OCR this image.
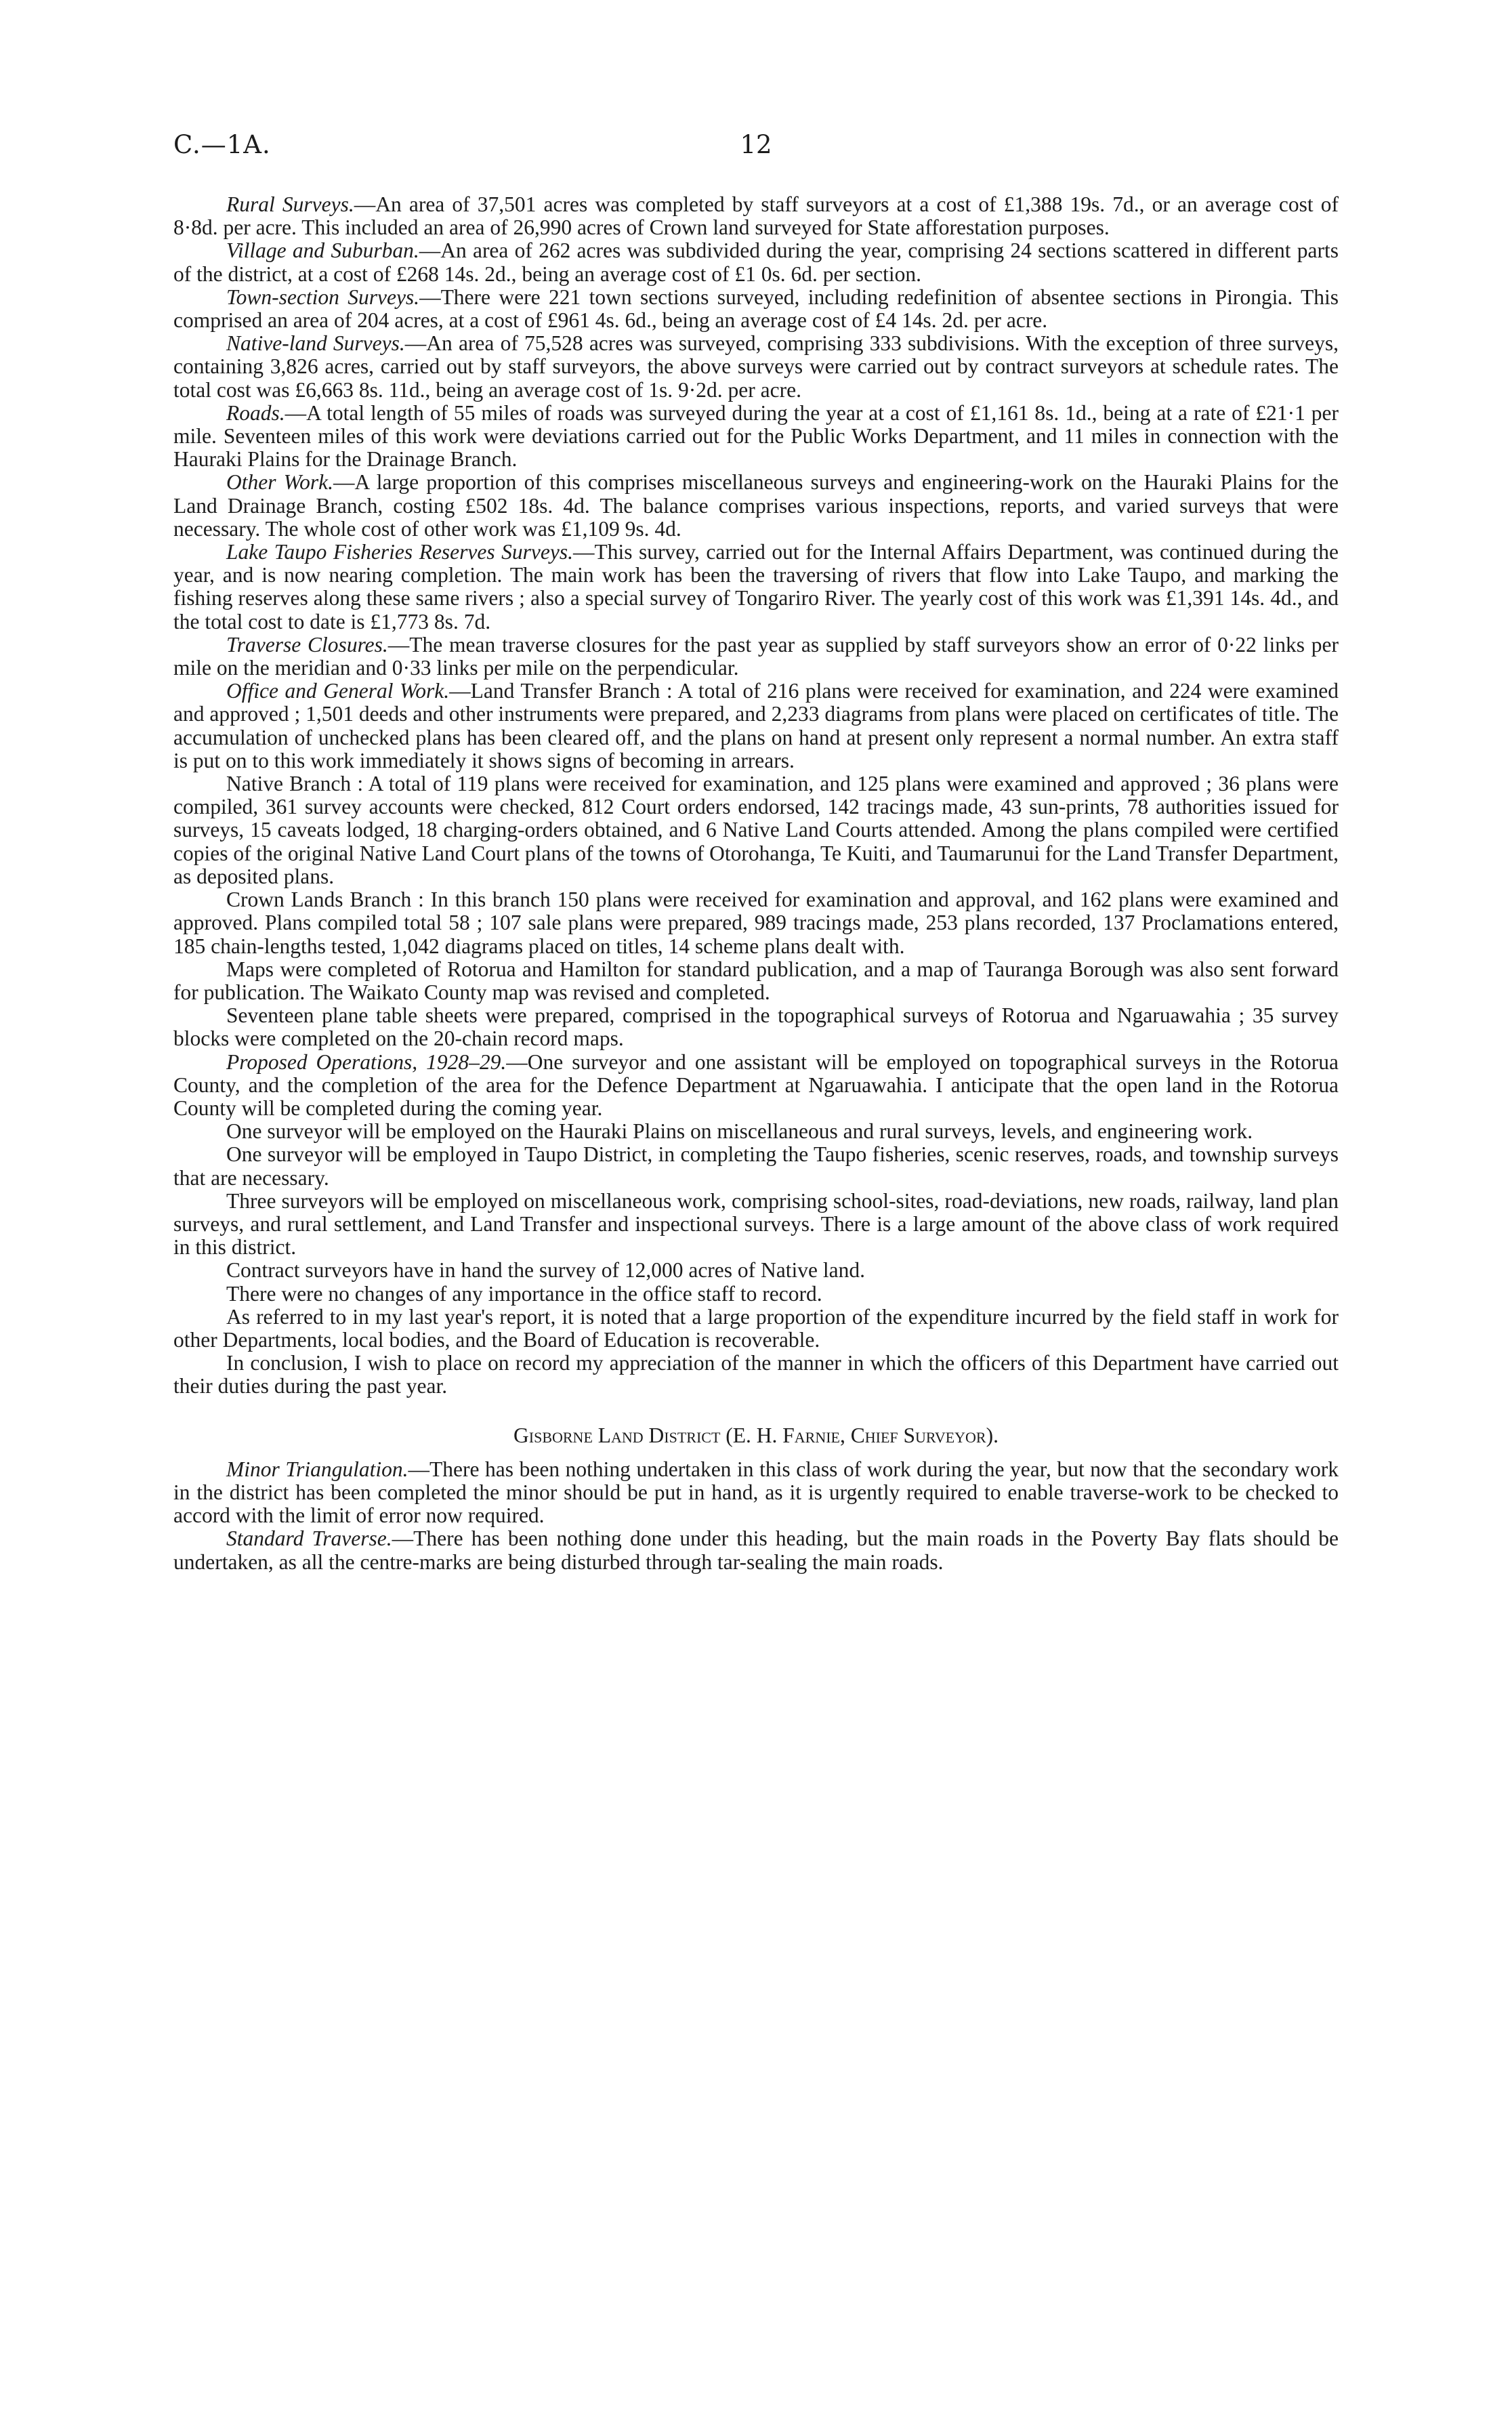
C.—1A.	12

Rural Surveys.—An area of 37,501 acres was completed by staff surveyors at a cost of £1,388 19s. 7d., or an average cost of 8·8d. per acre. This included an area of 26,990 acres of Crown land surveyed for State afforestation purposes.

Village and Suburban.—An area of 262 acres was subdivided during the year, comprising 24 sections scattered in different parts of the district, at a cost of £268 14s. 2d., being an average cost of £1 0s. 6d. per section.

Town-section Surveys.—There were 221 town sections surveyed, including redefinition of absentee sections in Pirongia. This comprised an area of 204 acres, at a cost of £961 4s. 6d., being an average cost of £4 14s. 2d. per acre.

Native-land Surveys.—An area of 75,528 acres was surveyed, comprising 333 subdivisions. With the exception of three surveys, containing 3,826 acres, carried out by staff surveyors, the above surveys were carried out by contract surveyors at schedule rates. The total cost was £6,663 8s. 11d., being an average cost of 1s. 9·2d. per acre.

Roads.—A total length of 55 miles of roads was surveyed during the year at a cost of £1,161 8s. 1d., being at a rate of £21·1 per mile. Seventeen miles of this work were deviations carried out for the Public Works Department, and 11 miles in connection with the Hauraki Plains for the Drainage Branch.

Other Work.—A large proportion of this comprises miscellaneous surveys and engineering-work on the Hauraki Plains for the Land Drainage Branch, costing £502 18s. 4d. The balance comprises various inspections, reports, and varied surveys that were necessary. The whole cost of other work was £1,109 9s. 4d.

Lake Taupo Fisheries Reserves Surveys.—This survey, carried out for the Internal Affairs Department, was continued during the year, and is now nearing completion. The main work has been the traversing of rivers that flow into Lake Taupo, and marking the fishing reserves along these same rivers ; also a special survey of Tongariro River. The yearly cost of this work was £1,391 14s. 4d., and the total cost to date is £1,773 8s. 7d.

Traverse Closures.—The mean traverse closures for the past year as supplied by staff surveyors show an error of 0·22 links per mile on the meridian and 0·33 links per mile on the perpendicular.

Office and General Work.—Land Transfer Branch : A total of 216 plans were received for examination, and 224 were examined and approved ; 1,501 deeds and other instruments were prepared, and 2,233 diagrams from plans were placed on certificates of title. The accumulation of unchecked plans has been cleared off, and the plans on hand at present only represent a normal number. An extra staff is put on to this work immediately it shows signs of becoming in arrears.

Native Branch : A total of 119 plans were received for examination, and 125 plans were examined and approved ; 36 plans were compiled, 361 survey accounts were checked, 812 Court orders endorsed, 142 tracings made, 43 sun-prints, 78 authorities issued for surveys, 15 caveats lodged, 18 charging-orders obtained, and 6 Native Land Courts attended. Among the plans compiled were certified copies of the original Native Land Court plans of the towns of Otorohanga, Te Kuiti, and Taumarunui for the Land Transfer Department, as deposited plans.

Crown Lands Branch : In this branch 150 plans were received for examination and approval, and 162 plans were examined and approved. Plans compiled total 58 ; 107 sale plans were prepared, 989 tracings made, 253 plans recorded, 137 Proclamations entered, 185 chain-lengths tested, 1,042 diagrams placed on titles, 14 scheme plans dealt with.

Maps were completed of Rotorua and Hamilton for standard publication, and a map of Tauranga Borough was also sent forward for publication. The Waikato County map was revised and completed.

Seventeen plane table sheets were prepared, comprised in the topographical surveys of Rotorua and Ngaruawahia ; 35 survey blocks were completed on the 20-chain record maps.

Proposed Operations, 1928–29.—One surveyor and one assistant will be employed on topographical surveys in the Rotorua County, and the completion of the area for the Defence Department at Ngaruawahia. I anticipate that the open land in the Rotorua County will be completed during the coming year.

One surveyor will be employed on the Hauraki Plains on miscellaneous and rural surveys, levels, and engineering work.

One surveyor will be employed in Taupo District, in completing the Taupo fisheries, scenic reserves, roads, and township surveys that are necessary.

Three surveyors will be employed on miscellaneous work, comprising school-sites, road-deviations, new roads, railway, land plan surveys, and rural settlement, and Land Transfer and inspectional surveys. There is a large amount of the above class of work required in this district.

Contract surveyors have in hand the survey of 12,000 acres of Native land.

There were no changes of any importance in the office staff to record.

As referred to in my last year's report, it is noted that a large proportion of the expenditure incurred by the field staff in work for other Departments, local bodies, and the Board of Education is recoverable.

In conclusion, I wish to place on record my appreciation of the manner in which the officers of this Department have carried out their duties during the past year.

Gisborne Land District (E. H. Farnie, Chief Surveyor).

Minor Triangulation.—There has been nothing undertaken in this class of work during the year, but now that the secondary work in the district has been completed the minor should be put in hand, as it is urgently required to enable traverse-work to be checked to accord with the limit of error now required.

Standard Traverse.—There has been nothing done under this heading, but the main roads in the Poverty Bay flats should be undertaken, as all the centre-marks are being disturbed through tar-sealing the main roads.
